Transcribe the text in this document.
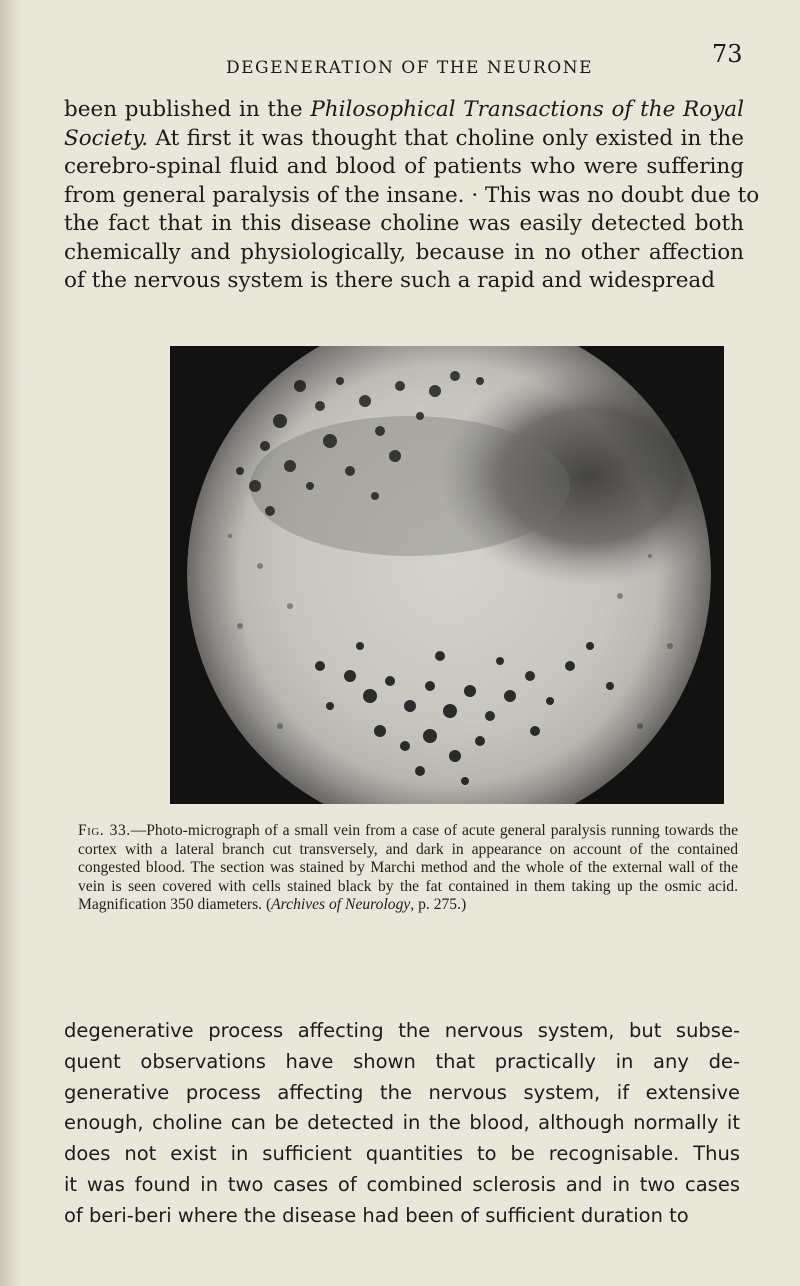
DEGENERATION OF THE NEURONE	73
been published in the Philosophical Transactions of the Royal
Society. At first it was thought that choline only existed in the
cerebro-spinal fluid and blood of patients who were suffering
from general paralysis of the insane. · This was no doubt due to
the fact that in this disease choline was easily detected both
chemically and physiologically, because in no other affection
of the nervous system is there such a rapid and widespread
Fig. 33.—Photo-micrograph of a small vein from a case of acute general paralysis running towards the cortex with a lateral branch cut transversely, and dark in appearance on account of the contained congested blood. The section was stained by Marchi method and the whole of the external wall of the vein is seen covered with cells stained black by the fat contained in them taking up the osmic acid. Magnification 350 diameters. (Archives of Neurology, p. 275.)
degenerative process affecting the nervous system, but subse-
quent observations have shown that practically in any de-
generative process affecting the nervous system, if extensive
enough, choline can be detected in the blood, although normally it
does not exist in sufficient quantities to be recognisable. Thus
it was found in two cases of combined sclerosis and in two cases
of beri-beri where the disease had been of sufficient duration to
